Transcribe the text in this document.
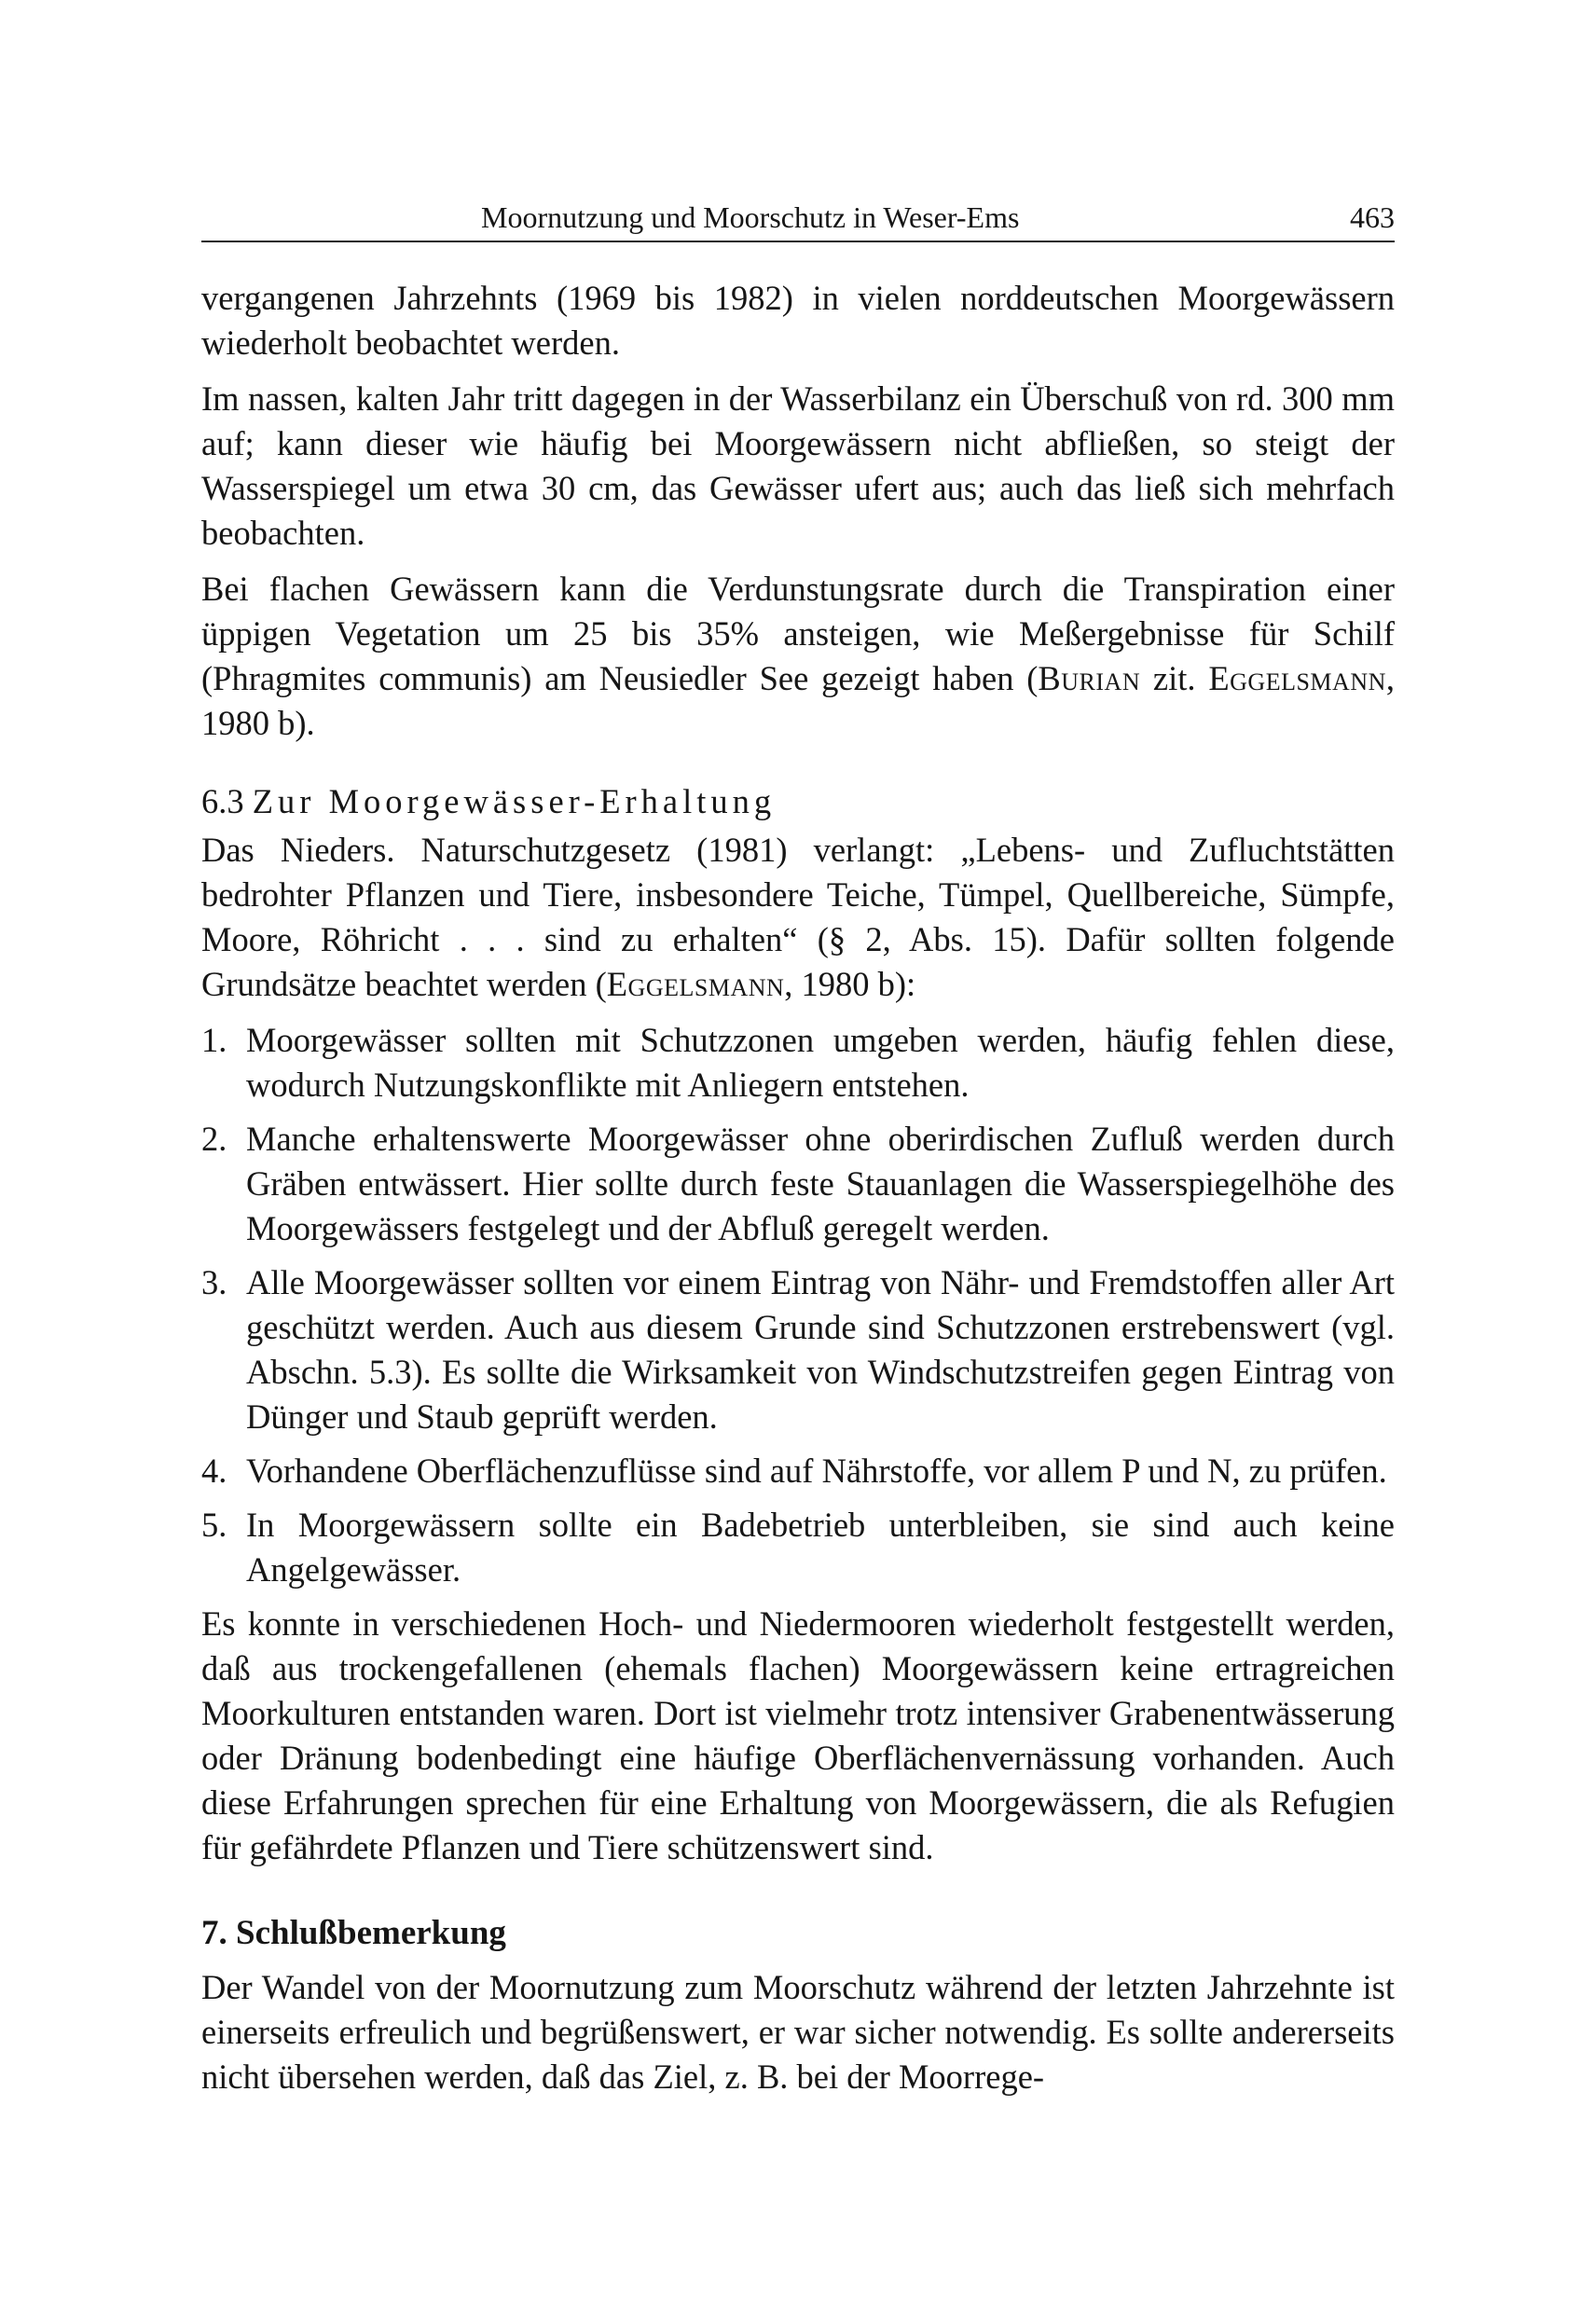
Moornutzung und Moorschutz in Weser-Ems	463

vergangenen Jahrzehnts (1969 bis 1982) in vielen norddeutschen Moorgewässern wiederholt beobachtet werden.

Im nassen, kalten Jahr tritt dagegen in der Wasserbilanz ein Überschuß von rd. 300 mm auf; kann dieser wie häufig bei Moorgewässern nicht abfließen, so steigt der Wasserspiegel um etwa 30 cm, das Gewässer ufert aus; auch das ließ sich mehrfach beobachten.

Bei flachen Gewässern kann die Verdunstungsrate durch die Transpiration einer üppigen Vegetation um 25 bis 35% ansteigen, wie Meßergebnisse für Schilf (Phragmites communis) am Neusiedler See gezeigt haben (Burian zit. Eggelsmann, 1980 b).

6.3 Zur Moorgewässer-Erhaltung

Das Nieders. Naturschutzgesetz (1981) verlangt: „Lebens- und Zufluchtstätten bedrohter Pflanzen und Tiere, insbesondere Teiche, Tümpel, Quellbereiche, Sümpfe, Moore, Röhricht . . . sind zu erhalten“ (§ 2, Abs. 15). Dafür sollten folgende Grundsätze beachtet werden (Eggelsmann, 1980 b):

1. Moorgewässer sollten mit Schutzzonen umgeben werden, häufig fehlen diese, wodurch Nutzungskonflikte mit Anliegern entstehen.
2. Manche erhaltenswerte Moorgewässer ohne oberirdischen Zufluß werden durch Gräben entwässert. Hier sollte durch feste Stauanlagen die Wasserspiegelhöhe des Moorgewässers festgelegt und der Abfluß geregelt werden.
3. Alle Moorgewässer sollten vor einem Eintrag von Nähr- und Fremdstoffen aller Art geschützt werden. Auch aus diesem Grunde sind Schutzzonen erstrebenswert (vgl. Abschn. 5.3). Es sollte die Wirksamkeit von Windschutzstreifen gegen Eintrag von Dünger und Staub geprüft werden.
4. Vorhandene Oberflächenzuflüsse sind auf Nährstoffe, vor allem P und N, zu prüfen.
5. In Moorgewässern sollte ein Badebetrieb unterbleiben, sie sind auch keine Angelgewässer.

Es konnte in verschiedenen Hoch- und Niedermooren wiederholt festgestellt werden, daß aus trockengefallenen (ehemals flachen) Moorgewässern keine ertragreichen Moorkulturen entstanden waren. Dort ist vielmehr trotz intensiver Grabenentwässerung oder Dränung bodenbedingt eine häufige Oberflächenvernässung vorhanden. Auch diese Erfahrungen sprechen für eine Erhaltung von Moorgewässern, die als Refugien für gefährdete Pflanzen und Tiere schützenswert sind.

7. Schlußbemerkung

Der Wandel von der Moornutzung zum Moorschutz während der letzten Jahrzehnte ist einerseits erfreulich und begrüßenswert, er war sicher notwendig. Es sollte andererseits nicht übersehen werden, daß das Ziel, z. B. bei der Moorrege-
